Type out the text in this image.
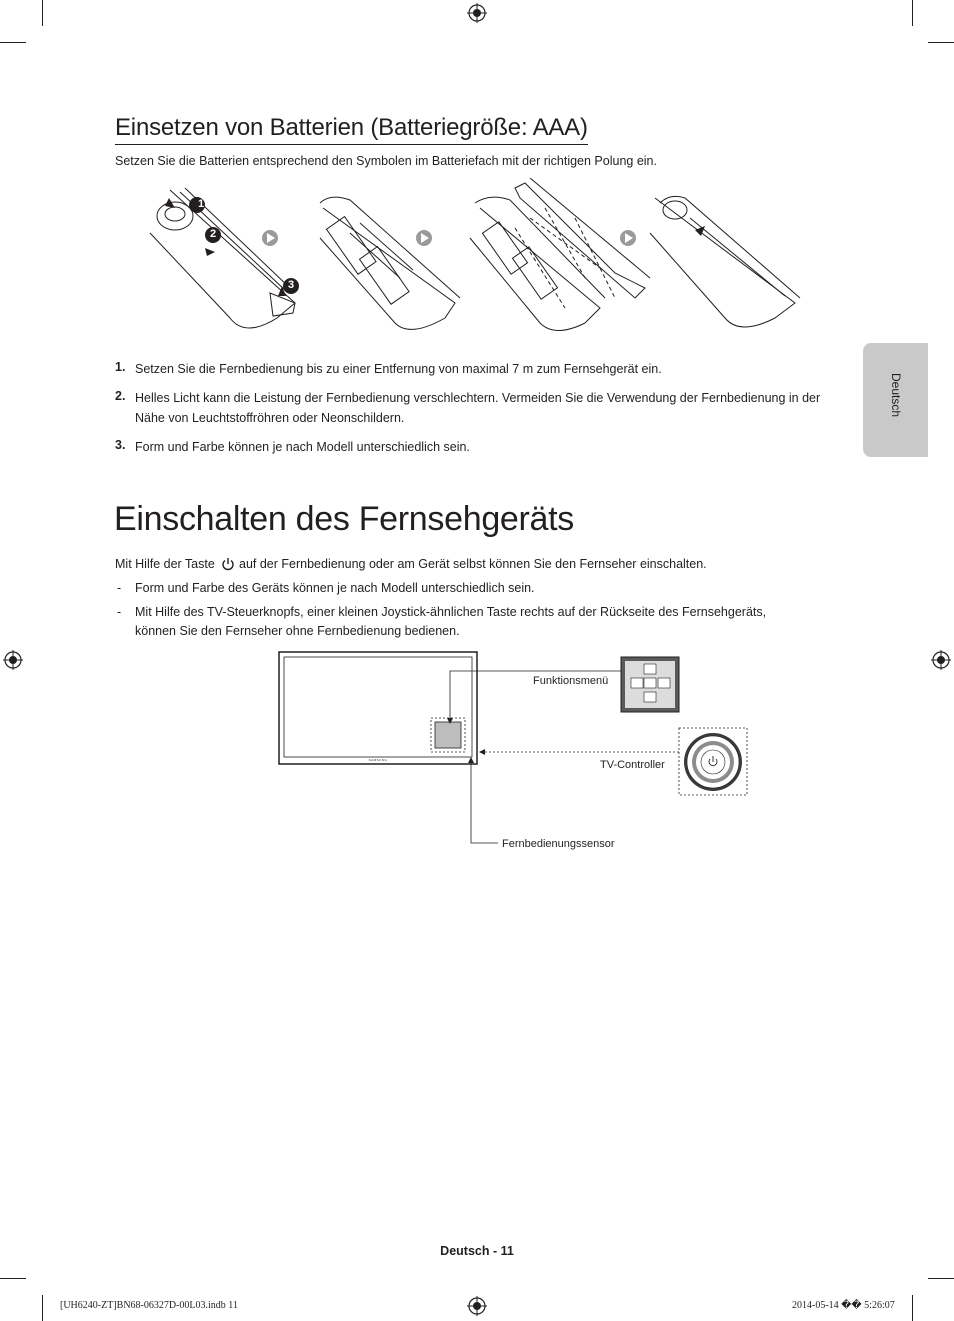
Einsetzen von Batterien (Batteriegröße: AAA)
Setzen Sie die Batterien entsprechend den Symbolen im Batteriefach mit der richtigen Polung ein.
1
2
3
1. Setzen Sie die Fernbedienung bis zu einer Entfernung von maximal 7 m zum Fernsehgerät ein.
2. Helles Licht kann die Leistung der Fernbedienung verschlechtern. Vermeiden Sie die Verwendung der Fernbedienung in der
Nähe von Leuchtstoffröhren oder Neonschildern.
3. Form und Farbe können je nach Modell unterschiedlich sein.
Deutsch
Einschalten des Fernsehgeräts
Mit Hilfe der Taste auf der Fernbedienung oder am Gerät selbst können Sie den Fernseher einschalten.
- Form und Farbe des Geräts können je nach Modell unterschiedlich sein.
- Mit Hilfe des TV-Steuerknopfs, einer kleinen Joystick-ähnlichen Taste rechts auf der Rückseite des Fernsehgeräts,
können Sie den Fernseher ohne Fernbedienung bedienen.
SAMSUNG
Funktionsmenü
TV-Controller
Fernbedienungssensor
Deutsch - 11
[UH6240-ZT]BN68-06327D-00L03.indb 11	2014-05-14 �� 5:26:07
